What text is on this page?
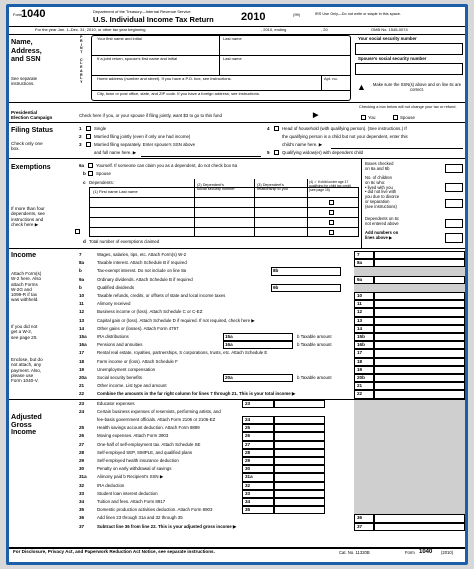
Form
1040	Department of the Treasury—Internal Revenue Service
U.S. Individual Income Tax Return 2010	(99)	IRS Use Only—Do not write or staple in this space.
For the year Jan. 1–Dec. 31, 2010, or other tax year beginning	, 2010, ending	, 20	OMB No. 1545-0074
Name,
Address,
and SSN
See separate
instructions.
P
R
I
N
T

C
L
E
A
R
L
Y
Your first name and initial	Last name	Your social security number
If a joint return, spouse's first name and initial	Last name	Spouse's social security number
Home address (number and street). If you have a P.O. box, see instructions.	Apt. no.
City, town or post office, state, and ZIP code. If you have a foreign address, see instructions.
▲	Make sure the SSN(s) above and on line 6c are correct.
Presidential
Election Campaign	Check here if you, or your spouse if filing jointly, want $3 to go to this fund	▶
Checking a box below will not change your tax or refund.
You	Spouse
Filing Status
Check only one
box.
1	Single
2	Married filing jointly (even if only one had income)
3	Married filing separately. Enter spouse's SSN above
and full name here. ▶
4	Head of household (with qualifying person). (See instructions.) If
the qualifying person is a child but not your dependent, enter this
child's name here. ▶
5	Qualifying widow(er) with dependent child
Exemptions	6a	Yourself. If someone can claim you as a dependent, do not check box 6a
b Spouse
c Dependents:
(1) First name Last name
(2) Dependent's
social security number
(3) Dependent's
relationship to you
(4) ✓ if child under age 17
qualifying for child tax credit
(see page 15)
If more than four
dependents, see
instructions and
check here ▶
d Total number of exemptions claimed
Boxes checked
on 6a and 6b
No. of children
on 6c who:
• lived with you
• did not live with
you due to divorce
or separation
(see instructions)
Dependents on 6c
not entered above
Add numbers on
lines above ▶
Income
Attach Form(s)
W-2 here. Also
attach Forms
W-2G and
1099-R if tax
was withheld.
If you did not
get a W-2,
see page 20.
Enclose, but do
not attach, any
payment. Also,
please use
Form 1040-V.
Adjusted
Gross
Income
For Disclosure, Privacy Act, and Paperwork Reduction Act Notice, see separate instructions.	Cat. No. 11320B	Form 1040 (2010)
7	Wages, salaries, tips, etc. Attach Form(s) W-2	7
8a	Taxable interest. Attach Schedule B if required	8a
b	Tax-exempt interest. Do not include on line 8a	8b
9a	Ordinary dividends. Attach Schedule B if required	9a
b	Qualified dividends	9b
10	Taxable refunds, credits, or offsets of state and local income taxes	10
11	Alimony received	11
12	Business income or (loss). Attach Schedule C or C-EZ	12
13	Capital gain or (loss). Attach Schedule D if required. If not required, check here ▶	13
14	Other gains or (losses). Attach Form 4797	14
15a IRA distributions	15a	b Taxable amount	15b
16a Pensions and annuities	16a	b Taxable amount	16b
17	Rental real estate, royalties, partnerships, S corporations, trusts, etc. Attach Schedule E	17
18	Farm income or (loss). Attach Schedule F	18
19	Unemployment compensation	19
20a Social security benefits	20a	b Taxable amount	20b
21	Other income. List type and amount	21
22	Combine the amounts in the far right column for lines 7 through 21. This is your total income ▶	22
23	Educator expenses	23
24	Certain business expenses of reservists, performing artists, and
fee-basis government officials. Attach Form 2106 or 2106-EZ	24
25	Health savings account deduction. Attach Form 8889	25
26	Moving expenses. Attach Form 3903	26
27	One-half of self-employment tax. Attach Schedule SE	27
28	Self-employed SEP, SIMPLE, and qualified plans	28
29	Self-employed health insurance deduction	29
30	Penalty on early withdrawal of savings	30
31a Alimony paid b Recipient's SSN ▶	31a
32	IRA deduction	32
33	Student loan interest deduction	33
34	Tuition and fees. Attach Form 8917	34
35	Domestic production activities deduction. Attach Form 8903	35
36	Add lines 23 through 31a and 32 through 35	36
37	Subtract line 36 from line 22. This is your adjusted gross income ▶	37
